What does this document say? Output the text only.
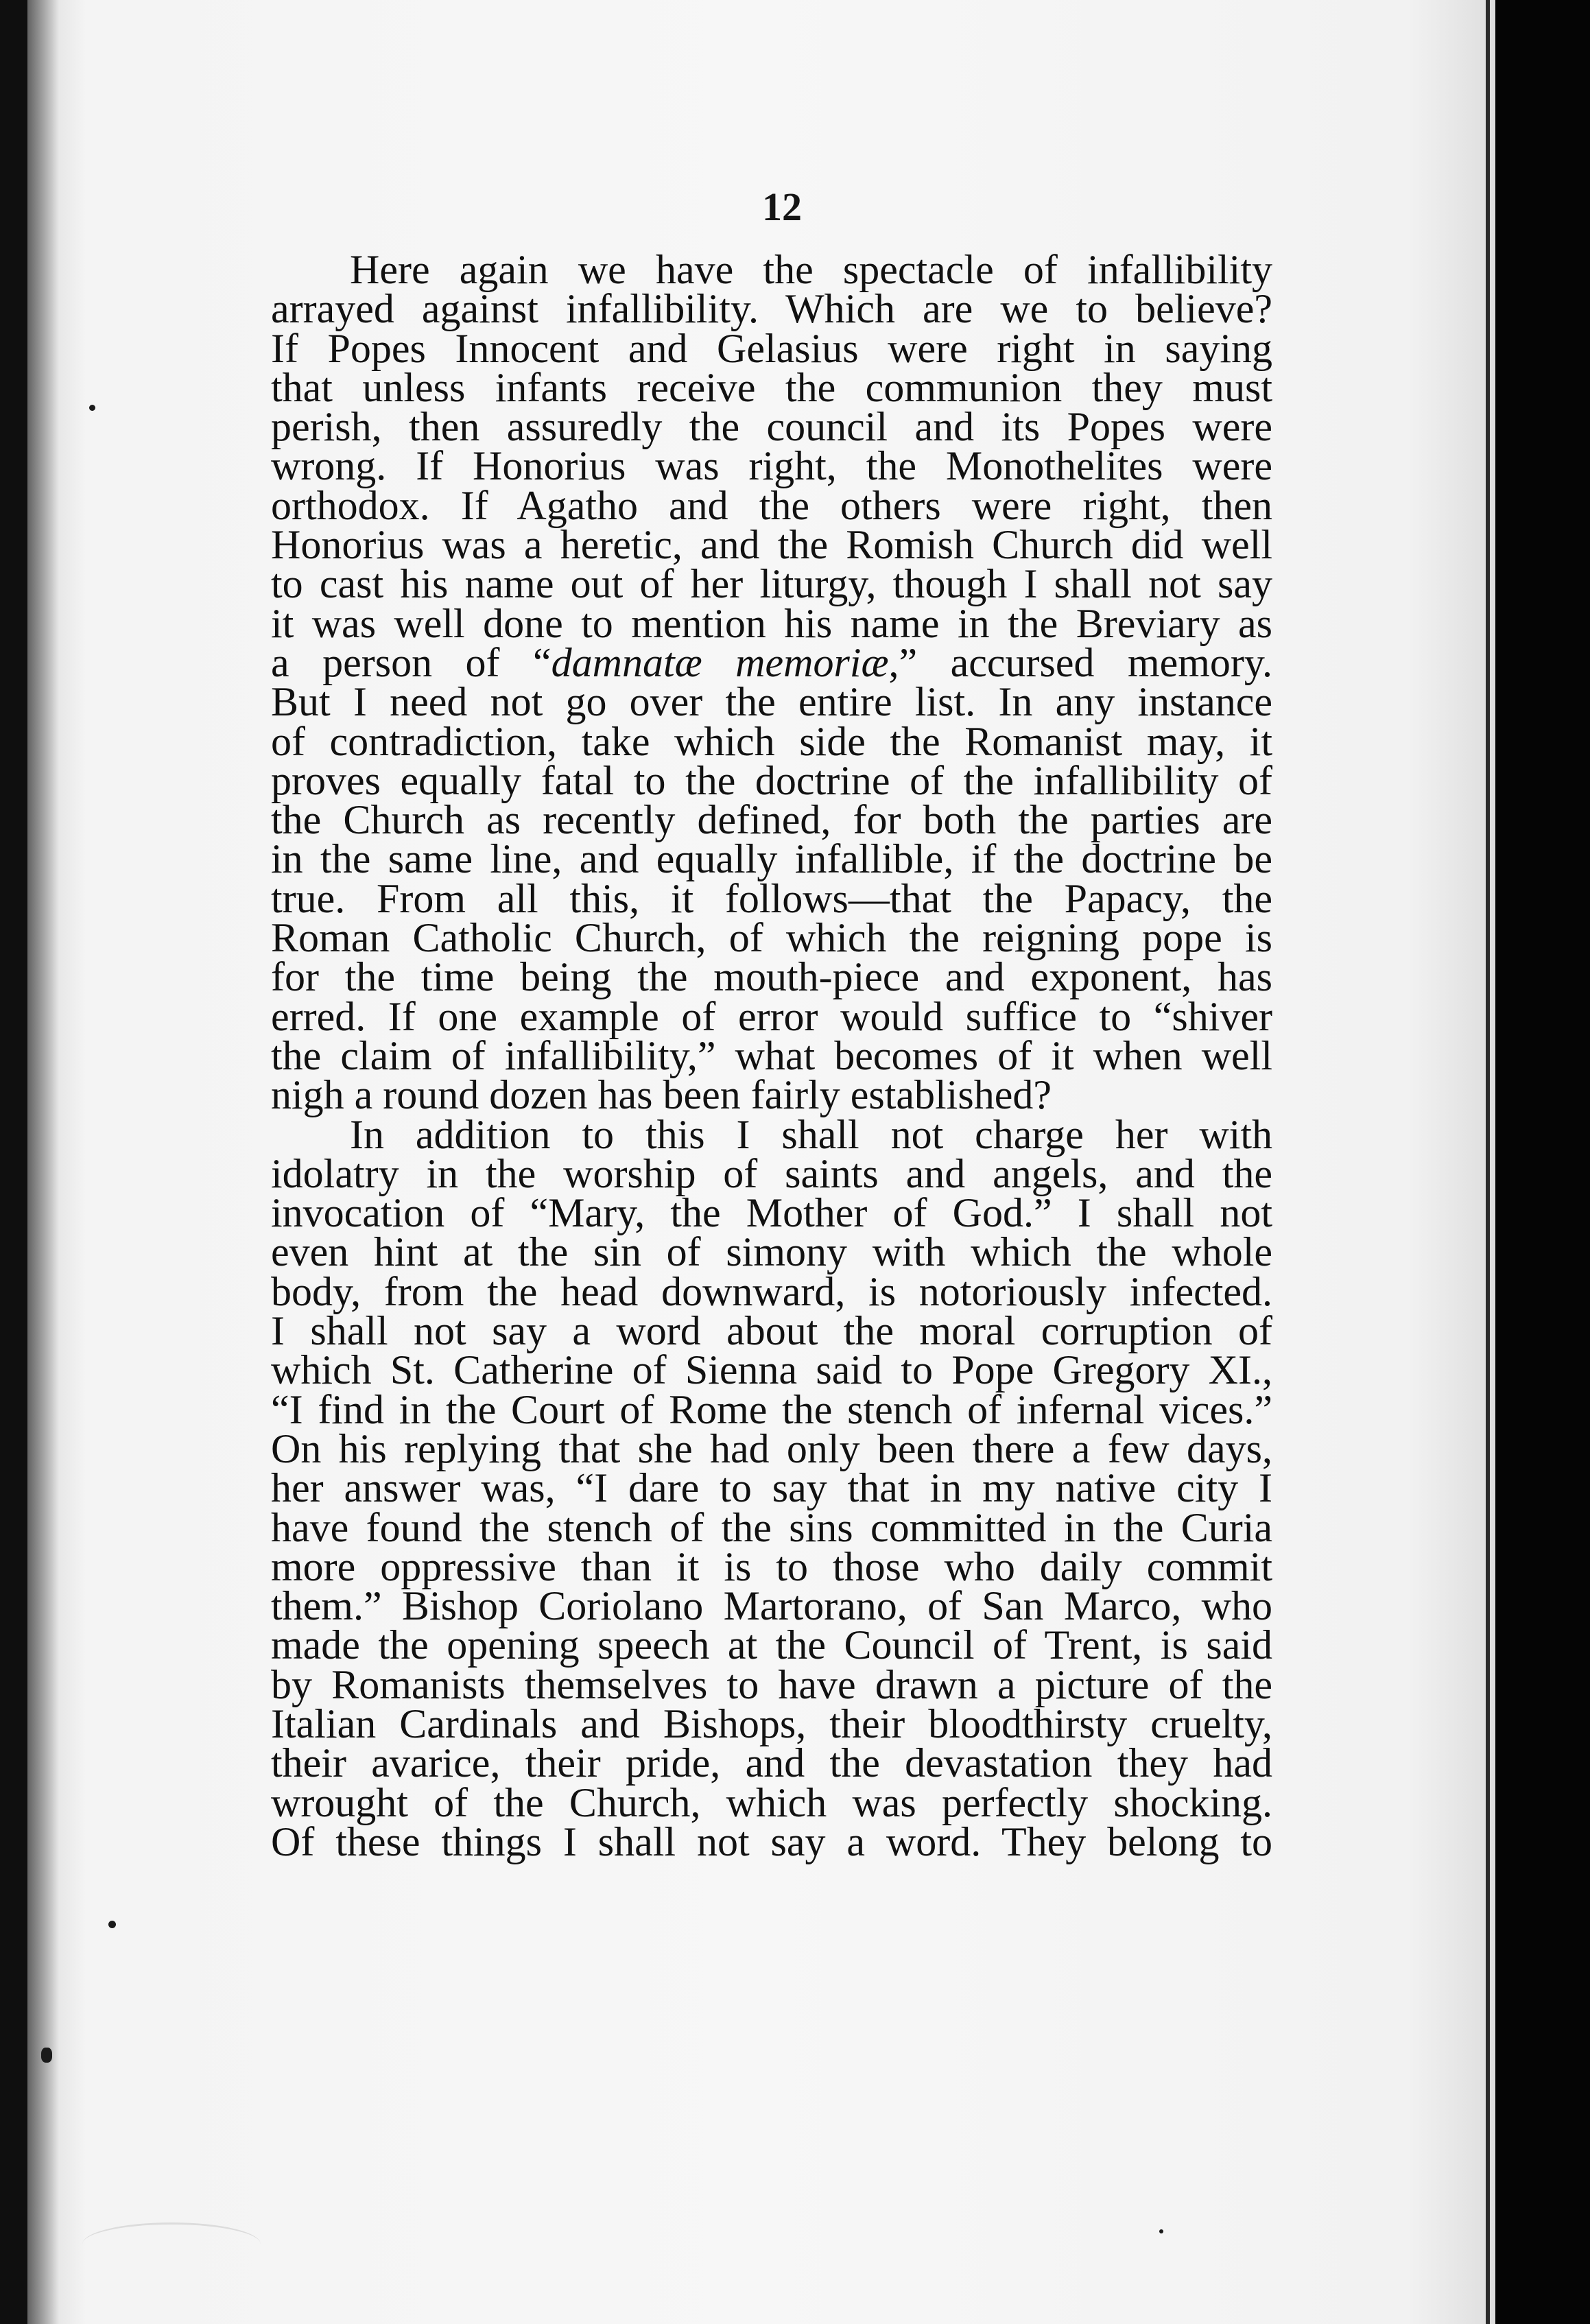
12
Here again we have the spectacle of infallibility
arrayed against infallibility. Which are we to believe?
If Popes Innocent and Gelasius were right in saying
that unless infants receive the communion they must
perish, then assuredly the council and its Popes were
wrong. If Honorius was right, the Monothelites were
orthodox. If Agatho and the others were right, then
Honorius was a heretic, and the Romish Church did well
to cast his name out of her liturgy, though I shall not say
it was well done to mention his name in the Breviary as
a person of “damnatæ memoriæ,” accursed memory.
But I need not go over the entire list. In any instance
of contradiction, take which side the Romanist may, it
proves equally fatal to the doctrine of the infallibility of
the Church as recently defined, for both the parties are
in the same line, and equally infallible, if the doctrine be
true. From all this, it follows—that the Papacy, the
Roman Catholic Church, of which the reigning pope is
for the time being the mouth-piece and exponent, has
erred. If one example of error would suffice to “shiver
the claim of infallibility,” what becomes of it when well
nigh a round dozen has been fairly established?
In addition to this I shall not charge her with
idolatry in the worship of saints and angels, and the
invocation of “Mary, the Mother of God.” I shall not
even hint at the sin of simony with which the whole
body, from the head downward, is notoriously infected.
I shall not say a word about the moral corruption of
which St. Catherine of Sienna said to Pope Gregory XI.,
“I find in the Court of Rome the stench of infernal vices.”
On his replying that she had only been there a few days,
her answer was, “I dare to say that in my native city I
have found the stench of the sins committed in the Curia
more oppressive than it is to those who daily commit
them.” Bishop Coriolano Martorano, of San Marco, who
made the opening speech at the Council of Trent, is said
by Romanists themselves to have drawn a picture of the
Italian Cardinals and Bishops, their bloodthirsty cruelty,
their avarice, their pride, and the devastation they had
wrought of the Church, which was perfectly shocking.
Of these things I shall not say a word. They belong to
